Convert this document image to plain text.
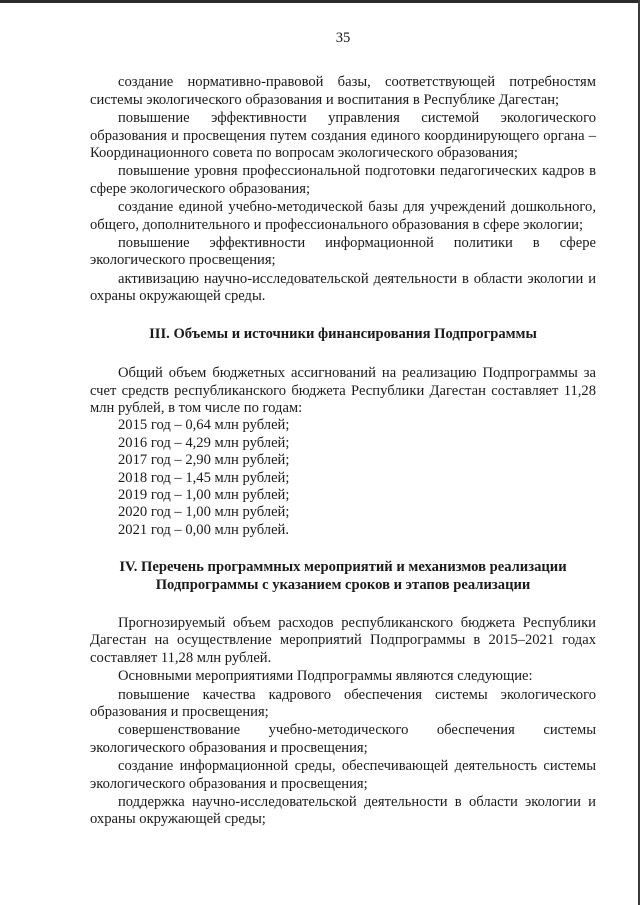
35

создание нормативно-правовой базы, соответствующей потребностям системы экологического образования и воспитания в Республике Дагестан;

повышение эффективности управления системой экологического образования и просвещения путем создания единого координирующего органа – Координационного совета по вопросам экологического образования;

повышение уровня профессиональной подготовки педагогических кадров в сфере экологического образования;

создание единой учебно-методической базы для учреждений дошкольного, общего, дополнительного и профессионального образования в сфере экологии;

повышение эффективности информационной политики в сфере экологического просвещения;

активизацию научно-исследовательской деятельности в области экологии и охраны окружающей среды.

III. Объемы и источники финансирования Подпрограммы

Общий объем бюджетных ассигнований на реализацию Подпрограммы за счет средств республиканского бюджета Республики Дагестан составляет 11,28 млн рублей, в том числе по годам:

2015 год – 0,64 млн рублей;
2016 год – 4,29 млн рублей;
2017 год – 2,90 млн рублей;
2018 год – 1,45 млн рублей;
2019 год – 1,00 млн рублей;
2020 год – 1,00 млн рублей;
2021 год – 0,00 млн рублей.
IV. Перечень программных мероприятий и механизмов реализации
Подпрограммы с указанием сроков и этапов реализации

Прогнозируемый объем расходов республиканского бюджета Республики Дагестан на осуществление мероприятий Подпрограммы в 2015–2021 годах составляет 11,28 млн рублей.

Основными мероприятиями Подпрограммы являются следующие:

повышение качества кадрового обеспечения системы экологического образования и просвещения;

совершенствование учебно-методического обеспечения системы экологического образования и просвещения;

создание информационной среды, обеспечивающей деятельность системы экологического образования и просвещения;

поддержка научно-исследовательской деятельности в области экологии и охраны окружающей среды;
